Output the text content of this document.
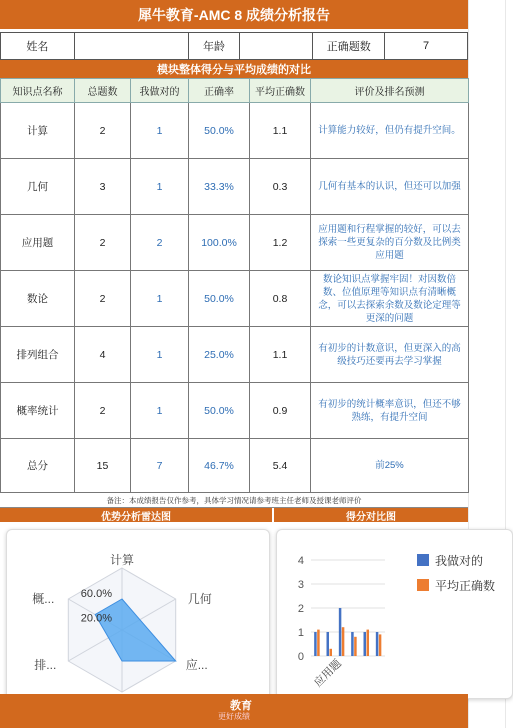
犀牛教育-AMC 8 成绩分析报告
姓名		年龄		正确题数	7
模块整体得分与平均成绩的对比
知识点名称	总题数	我做对的	正确率	平均正确数	评价及排名预测
计算	2	1	50.0%	1.1	计算能力较好，但仍有提升空间。
几何	3	1	33.3%	0.3	几何有基本的认识，但还可以加强
应用题	2	2	100.0%	1.2	应用题和行程掌握的较好，可以去探索一些更复杂的百分数及比例类应用题
数论	2	1	50.0%	0.8	数论知识点掌握牢固！对因数倍数、位值原理等知识点有清晰概念，可以去探索余数及数论定理等更深的问题
排列组合	4	1	25.0%	1.1	有初步的计数意识，但更深入的高级技巧还要再去学习掌握
概率统计	2	1	50.0%	0.9	有初步的统计概率意识，但还不够熟练，有提升空间
总分	15	7	46.7%	5.4	前25%
备注：本成绩报告仅作参考，具体学习情况请参考班主任老师及授课老师评价
优势分析雷达图	得分对比图
计算
几何
应...
排...
概...
20.0%
60.0%
0
1
2
3
4
应用题
我做对的
平均正确数
教育
更好成绩
